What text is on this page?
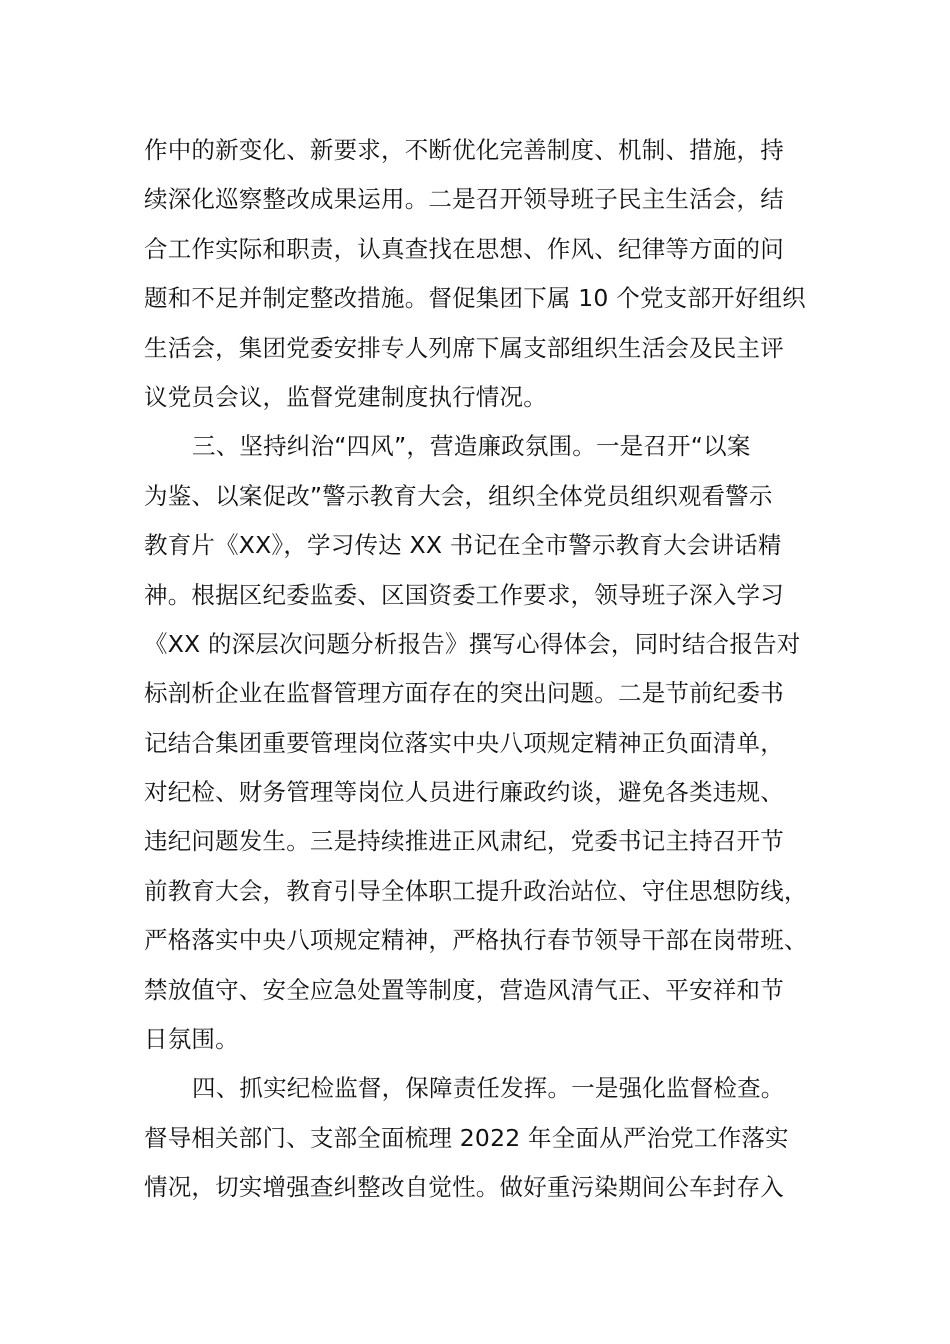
作中的新变化、新要求，不断优化完善制度、机制、措施，持
续深化巡察整改成果运用。二是召开领导班子民主生活会，结
合工作实际和职责，认真查找在思想、作风、纪律等方面的问
题和不足并制定整改措施。督促集团下属 10 个党支部开好组织
生活会，集团党委安排专人列席下属支部组织生活会及民主评
议党员会议，监督党建制度执行情况。
三、坚持纠治“四风”，营造廉政氛围。一是召开“以案
为鉴、以案促改”警示教育大会，组织全体党员组织观看警示
教育片《XX》，学习传达 XX 书记在全市警示教育大会讲话精
神。根据区纪委监委、区国资委工作要求，领导班子深入学习
《XX 的深层次问题分析报告》撰写心得体会，同时结合报告对
标剖析企业在监督管理方面存在的突出问题。二是节前纪委书
记结合集团重要管理岗位落实中央八项规定精神正负面清单，
对纪检、财务管理等岗位人员进行廉政约谈，避免各类违规、
违纪问题发生。三是持续推进正风肃纪，党委书记主持召开节
前教育大会，教育引导全体职工提升政治站位、守住思想防线，
严格落实中央八项规定精神，严格执行春节领导干部在岗带班、
禁放值守、安全应急处置等制度，营造风清气正、平安祥和节
日氛围。
四、抓实纪检监督，保障责任发挥。一是强化监督检查。
督导相关部门、支部全面梳理 2022 年全面从严治党工作落实
情况，切实增强查纠整改自觉性。做好重污染期间公车封存入
